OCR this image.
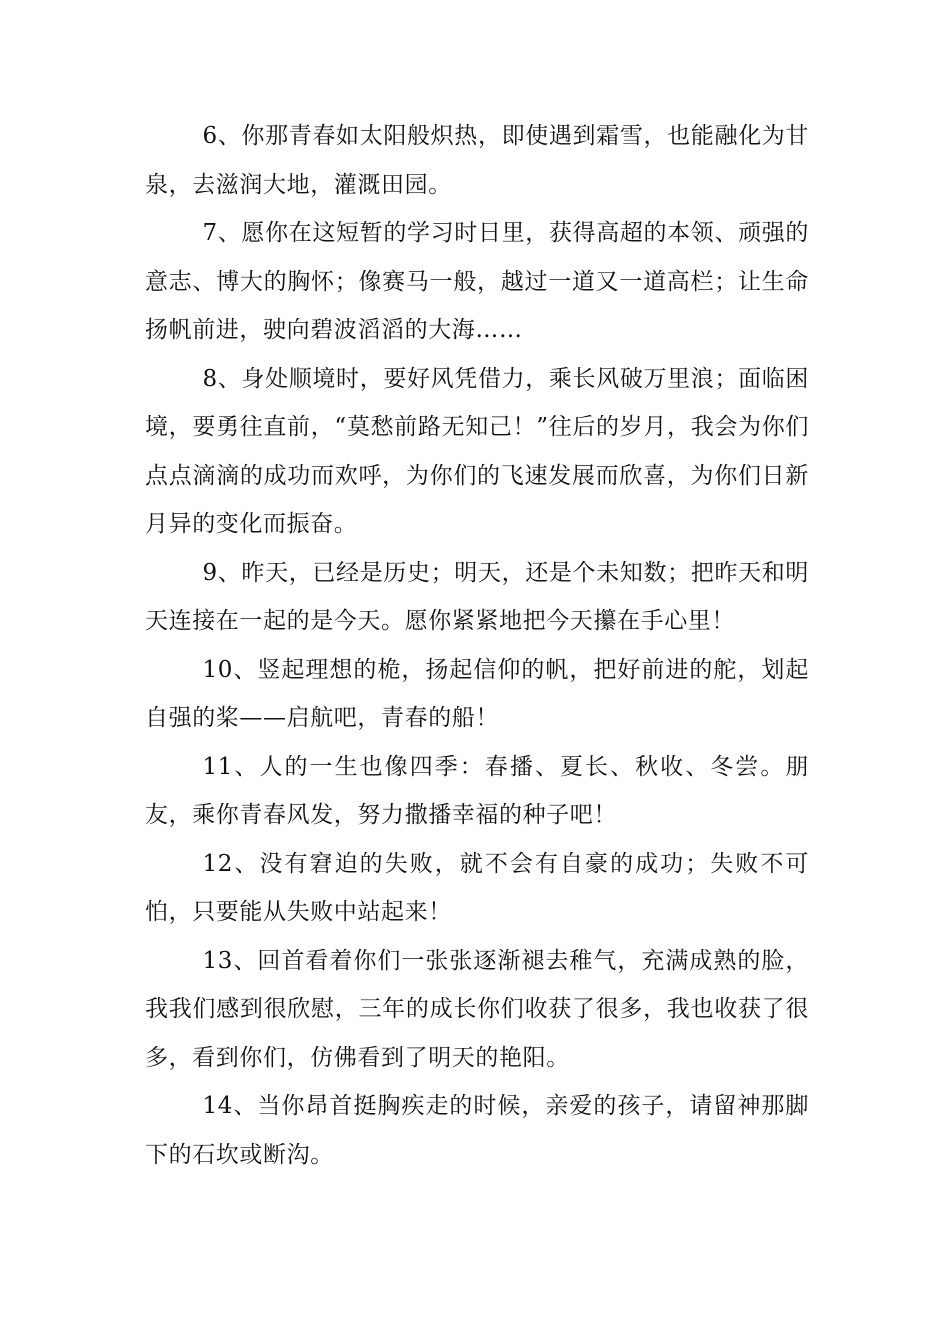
6、你那青春如太阳般炽热，即使遇到霜雪，也能融化为甘泉，去滋润大地，灌溉田园。

7、愿你在这短暂的学习时日里，获得高超的本领、顽强的意志、博大的胸怀；像赛马一般，越过一道又一道高栏；让生命扬帆前进，驶向碧波滔滔的大海……

8、身处顺境时，要好风凭借力，乘长风破万里浪；面临困境，要勇往直前，“莫愁前路无知己！”往后的岁月，我会为你们点点滴滴的成功而欢呼，为你们的飞速发展而欣喜，为你们日新月异的变化而振奋。

9、昨天，已经是历史；明天，还是个未知数；把昨天和明天连接在一起的是今天。愿你紧紧地把今天攥在手心里！

10、竖起理想的桅，扬起信仰的帆，把好前进的舵，划起自强的桨——启航吧，青春的船！

11、人的一生也像四季：春播、夏长、秋收、冬尝。朋友，乘你青春风发，努力撒播幸福的种子吧！

12、没有窘迫的失败，就不会有自豪的成功；失败不可怕，只要能从失败中站起来！

13、回首看着你们一张张逐渐褪去稚气，充满成熟的脸，我我们感到很欣慰，三年的成长你们收获了很多，我也收获了很多，看到你们，仿佛看到了明天的艳阳。

14、当你昂首挺胸疾走的时候，亲爱的孩子，请留神那脚下的石坎或断沟。
